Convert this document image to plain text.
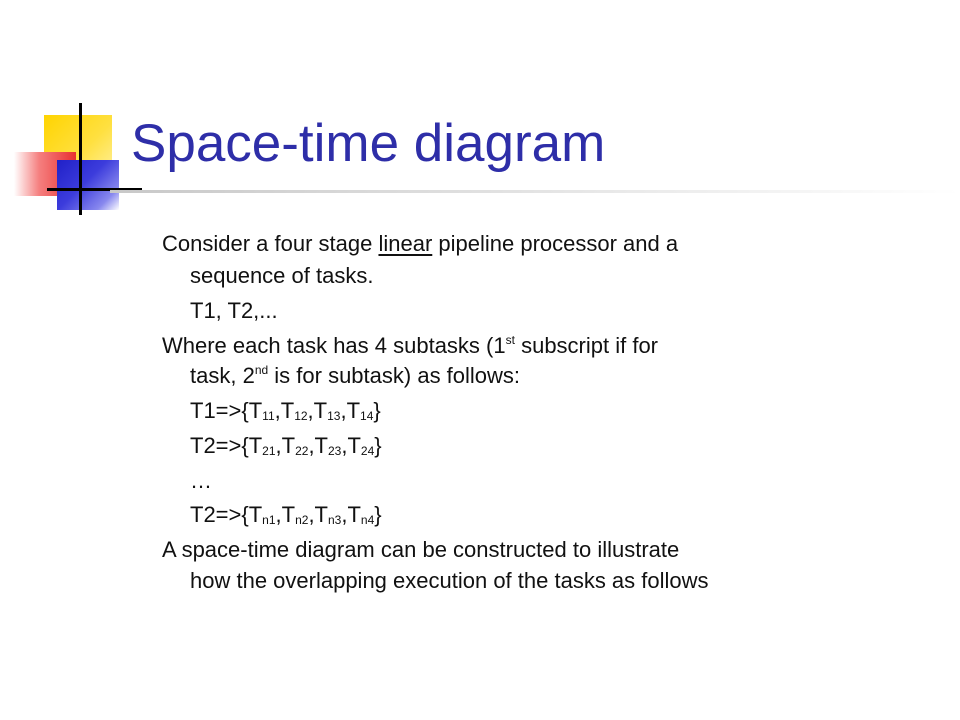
Space-time diagram
Consider a four stage linear pipeline processor and a
sequence of tasks.
T1, T2,...
Where each task has 4 subtasks (1st subscript if for
task, 2nd is for subtask) as follows:
$T1=>\{T_{11},T_{12},T_{13},T_{14}\}$
$T2=>\{T_{21},T_{22},T_{23},T_{24}\}$
…
$T2=>\{T_{n1},T_{n2},T_{n3},T_{n4}\}$
A space-time diagram can be constructed to illustrate
how the overlapping execution of the tasks as follows
